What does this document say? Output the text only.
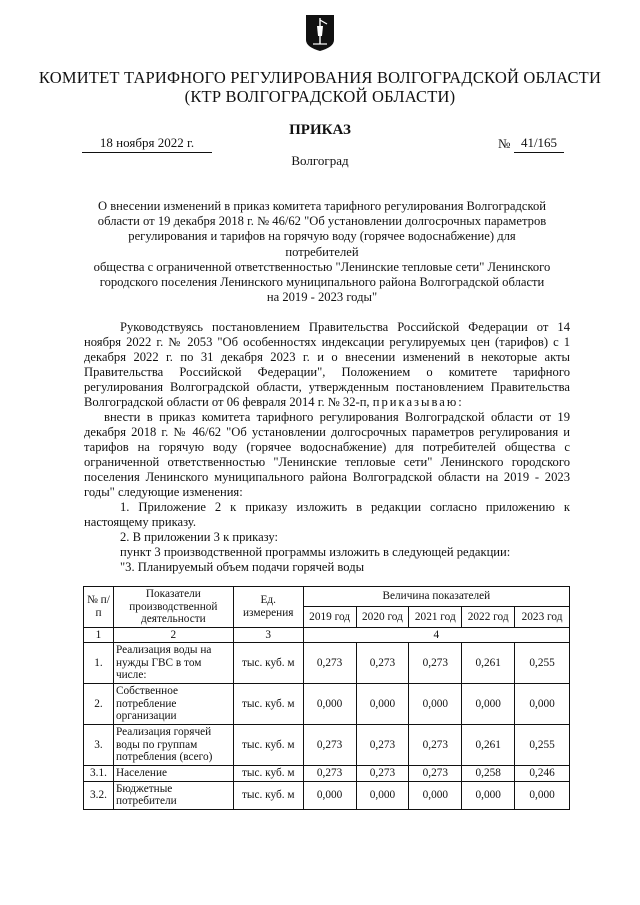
КОМИТЕТ ТАРИФНОГО РЕГУЛИРОВАНИЯ ВОЛГОГРАДСКОЙ ОБЛАСТИ
(КТР ВОЛГОГРАДСКОЙ ОБЛАСТИ)
ПРИКАЗ
18 ноября 2022 г.	№ 41/165
Волгоград
О внесении изменений в приказ комитета тарифного регулирования Волгоградской
области от 19 декабря 2018 г. № 46/62 "Об установлении долгосрочных параметров
регулирования и тарифов на горячую воду (горячее водоснабжение) для потребителей
общества с ограниченной ответственностью "Ленинские тепловые сети" Ленинского
городского поселения Ленинского муниципального района Волгоградской области
на 2019 - 2023 годы"

Руководствуясь постановлением Правительства Российской Федерации от 14 ноября 2022 г. № 2053 "Об особенностях индексации регулируемых цен (тарифов) с 1 декабря 2022 г. по 31 декабря 2023 г. и о внесении изменений в некоторые акты Правительства Российской Федерации", Положением о комитете тарифного регулирования Волгоградской области, утвержденным постановлением Правительства Волгоградской области от 06 февраля 2014 г. № 32-п, приказываю:

внести в приказ комитета тарифного регулирования Волгоградской области от 19 декабря 2018 г. № 46/62 "Об установлении долгосрочных параметров регулирования и тарифов на горячую воду (горячее водоснабжение) для потребителей общества с ограниченной ответственностью "Ленинские тепловые сети" Ленинского городского поселения Ленинского муниципального района Волгоградской области на 2019 - 2023 годы" следующие изменения:

1. Приложение 2 к приказу изложить в редакции согласно приложению к настоящему приказу.

2. В приложении 3 к приказу:

пункт 3 производственной программы изложить в следующей редакции:

"3. Планируемый объем подачи горячей воды

№ п/п	Показатели производственной деятельности	Ед. измерения	Величина показателей				
			2019 год	2020 год	2021 год	2022 год	2023 год
1	2	3	4				
1.	Реализация воды на нужды ГВС в том числе:	тыс. куб. м	0,273	0,273	0,273	0,261	0,255
2.	Собственное потребление организации	тыс. куб. м	0,000	0,000	0,000	0,000	0,000
3.	Реализация горячей воды по группам потребления (всего)	тыс. куб. м	0,273	0,273	0,273	0,261	0,255
3.1.	Население	тыс. куб. м	0,273	0,273	0,273	0,258	0,246
3.2.	Бюджетные потребители	тыс. куб. м	0,000	0,000	0,000	0,000	0,000
